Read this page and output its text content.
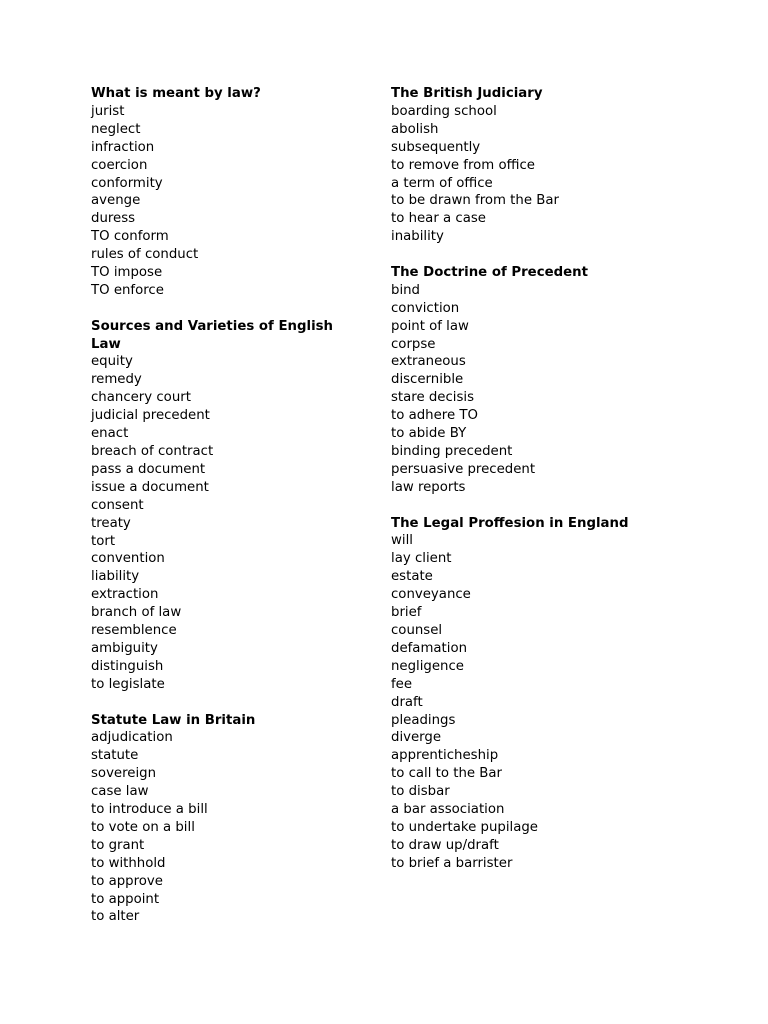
What is meant by law?
jurist
neglect
infraction
coercion
conformity
avenge
duress
TO conform
rules of conduct
TO impose
TO enforce
Sources and Varieties of English Law
equity
remedy
chancery court
judicial precedent
enact
breach of contract
pass a document
issue a document
consent
treaty
tort
convention
liability
extraction
branch of law
resemblence
ambiguity
distinguish
to legislate
Statute Law in Britain
adjudication
statute
sovereign
case law
to introduce a bill
to vote on a bill
to grant
to withhold
to approve
to appoint
to alter
The British Judiciary
boarding school
abolish
subsequently
to remove from office
a term of office
to be drawn from the Bar
to hear a case
inability
The Doctrine of Precedent
bind
conviction
point of law
corpse
extraneous
discernible
stare decisis
to adhere TO
to abide BY
binding precedent
persuasive precedent
law reports
The Legal Proffesion in England
will
lay client
estate
conveyance
brief
counsel
defamation
negligence
fee
draft
pleadings
diverge
apprenticheship
to call to the Bar
to disbar
a bar association
to undertake pupilage
to draw up/draft
to brief a barrister
